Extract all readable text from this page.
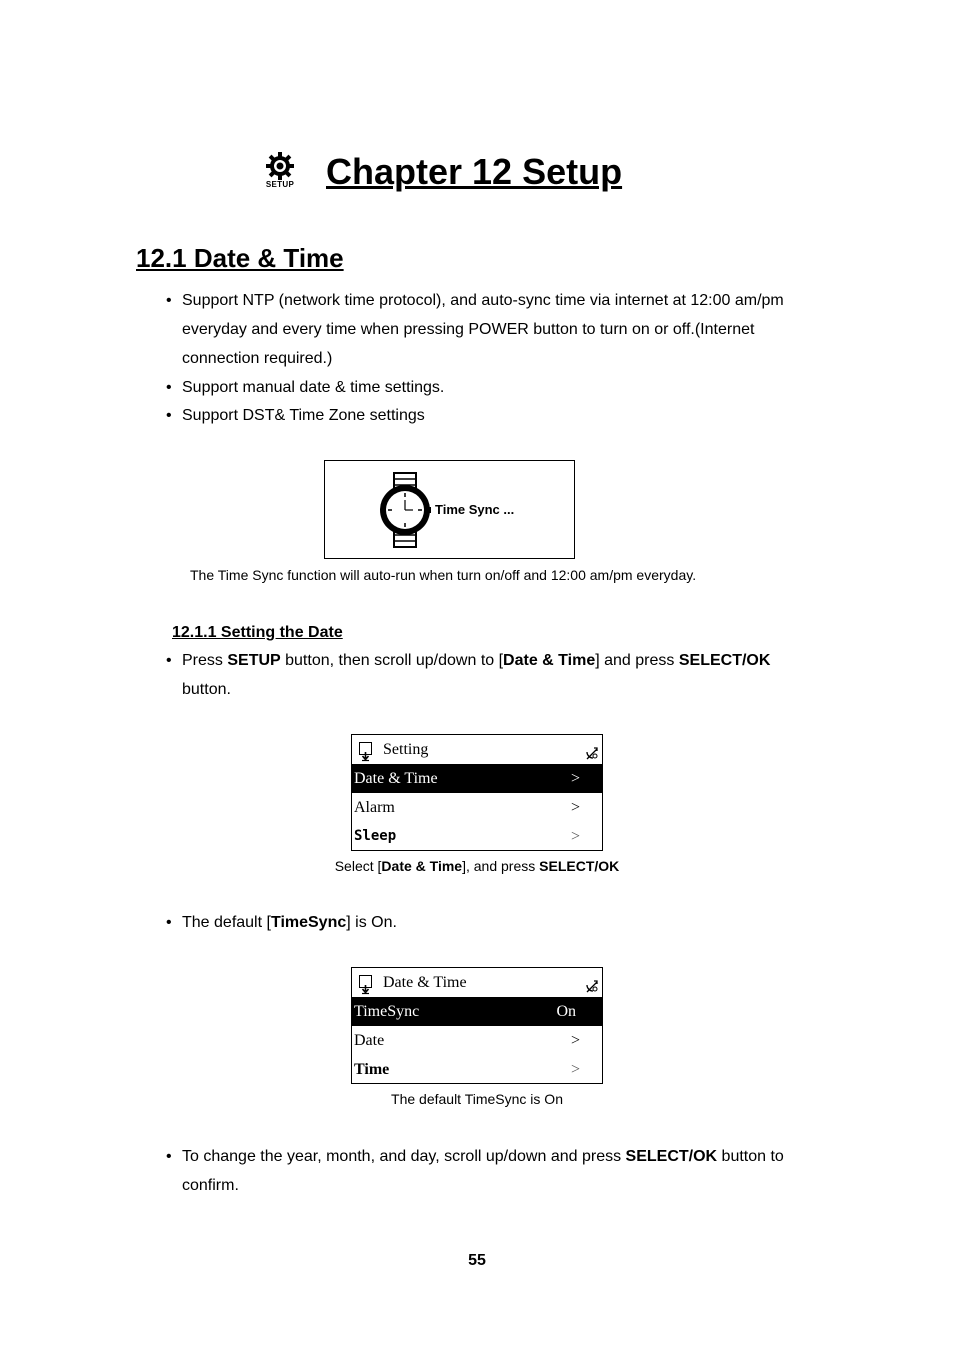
SETUP Chapter 12 Setup
12.1 Date & Time
• Support NTP (network time protocol), and auto-sync time via internet at 12:00 am/pm
everyday and every time when pressing POWER button to turn on or off.(Internet
connection required.)
• Support manual date & time settings.
• Support DST& Time Zone settings
Time Sync ...
The Time Sync function will auto-run when turn on/off and 12:00 am/pm everyday.
12.1.1 Setting the Date
• Press SETUP button, then scroll up/down to [Date & Time] and press SELECT/OK
button.
Setting
Date & Time	>
Alarm	>
Sleep	>
Select [Date & Time], and press SELECT/OK
• The default [TimeSync] is On.
Date & Time
TimeSync	On
Date	>
Time	>
The default TimeSync is On
• To change the year, month, and day, scroll up/down and press SELECT/OK button to
confirm.
55
